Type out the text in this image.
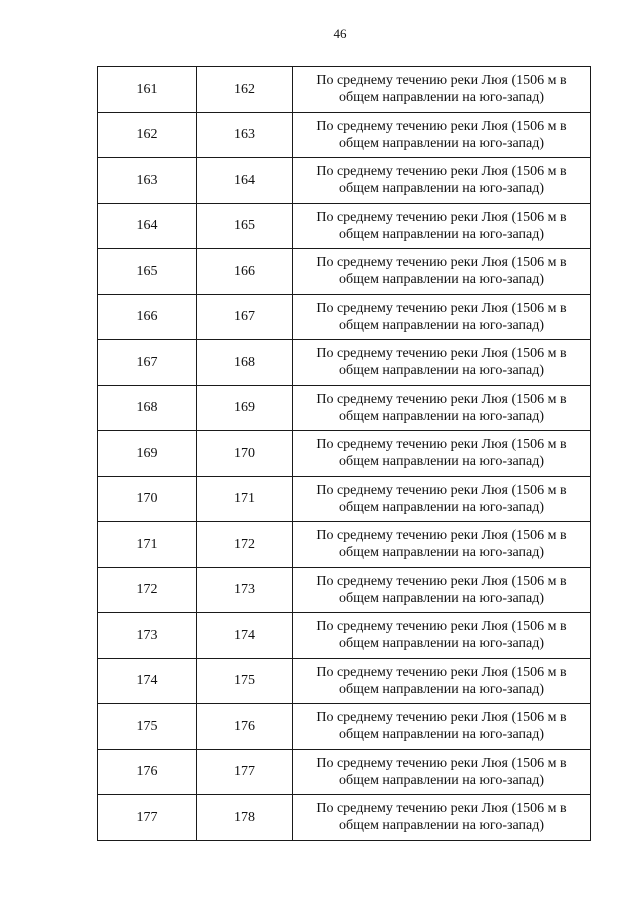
46
161	162	По среднему течению реки Люя (1506 м в общем направлении на юго-запад)
162	163	По среднему течению реки Люя (1506 м в общем направлении на юго-запад)
163	164	По среднему течению реки Люя (1506 м в общем направлении на юго-запад)
164	165	По среднему течению реки Люя (1506 м в общем направлении на юго-запад)
165	166	По среднему течению реки Люя (1506 м в общем направлении на юго-запад)
166	167	По среднему течению реки Люя (1506 м в общем направлении на юго-запад)
167	168	По среднему течению реки Люя (1506 м в общем направлении на юго-запад)
168	169	По среднему течению реки Люя (1506 м в общем направлении на юго-запад)
169	170	По среднему течению реки Люя (1506 м в общем направлении на юго-запад)
170	171	По среднему течению реки Люя (1506 м в общем направлении на юго-запад)
171	172	По среднему течению реки Люя (1506 м в общем направлении на юго-запад)
172	173	По среднему течению реки Люя (1506 м в общем направлении на юго-запад)
173	174	По среднему течению реки Люя (1506 м в общем направлении на юго-запад)
174	175	По среднему течению реки Люя (1506 м в общем направлении на юго-запад)
175	176	По среднему течению реки Люя (1506 м в общем направлении на юго-запад)
176	177	По среднему течению реки Люя (1506 м в общем направлении на юго-запад)
177	178	По среднему течению реки Люя (1506 м в общем направлении на юго-запад)
